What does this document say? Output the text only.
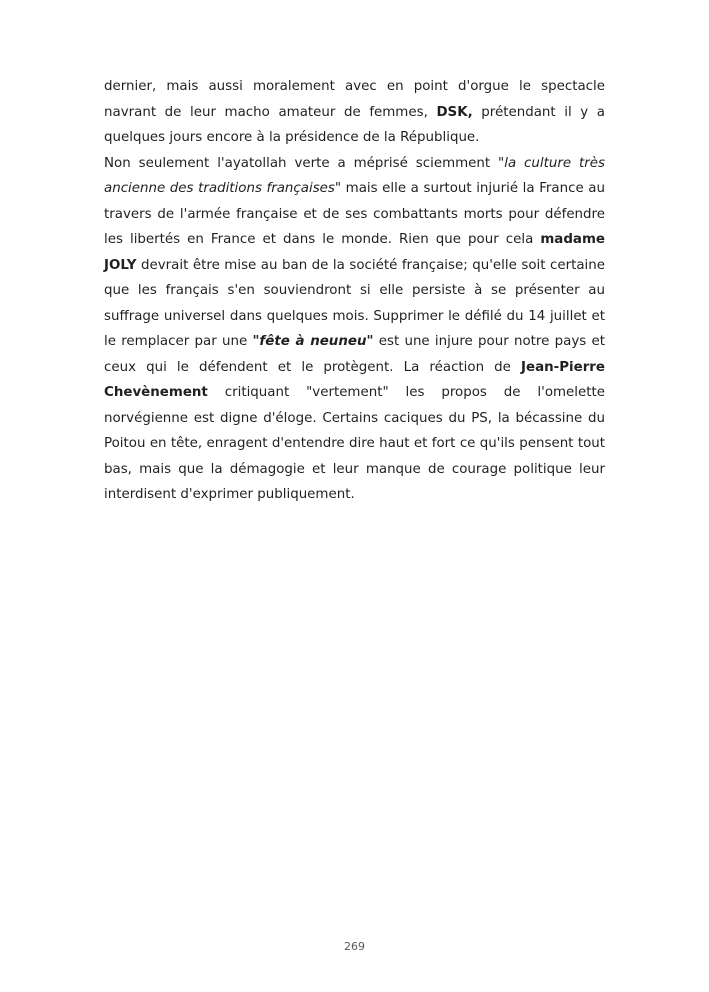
dernier, mais aussi moralement avec en point d'orgue le spectacle navrant de leur macho amateur de femmes, DSK, prétendant il y a quelques jours encore à la présidence de la République.

Non seulement l'ayatollah verte a méprisé sciemment "la culture très ancienne des traditions françaises" mais elle a surtout injurié la France au travers de l'armée française et de ses combattants morts pour défendre les libertés en France et dans le monde. Rien que pour cela madame JOLY devrait être mise au ban de la société française; qu'elle soit certaine que les français s'en souviendront si elle persiste à se présenter au suffrage universel dans quelques mois. Supprimer le défilé du 14 juillet et le remplacer par une "fête à neuneu" est une injure pour notre pays et ceux qui le défendent et le protègent. La réaction de Jean-Pierre Chevènement critiquant "vertement" les propos de l'omelette norvégienne est digne d'éloge. Certains caciques du PS, la bécassine du Poitou en tête, enragent d'entendre dire haut et fort ce qu'ils pensent tout bas, mais que la démagogie et leur manque de courage politique leur interdisent d'exprimer publiquement.

269
